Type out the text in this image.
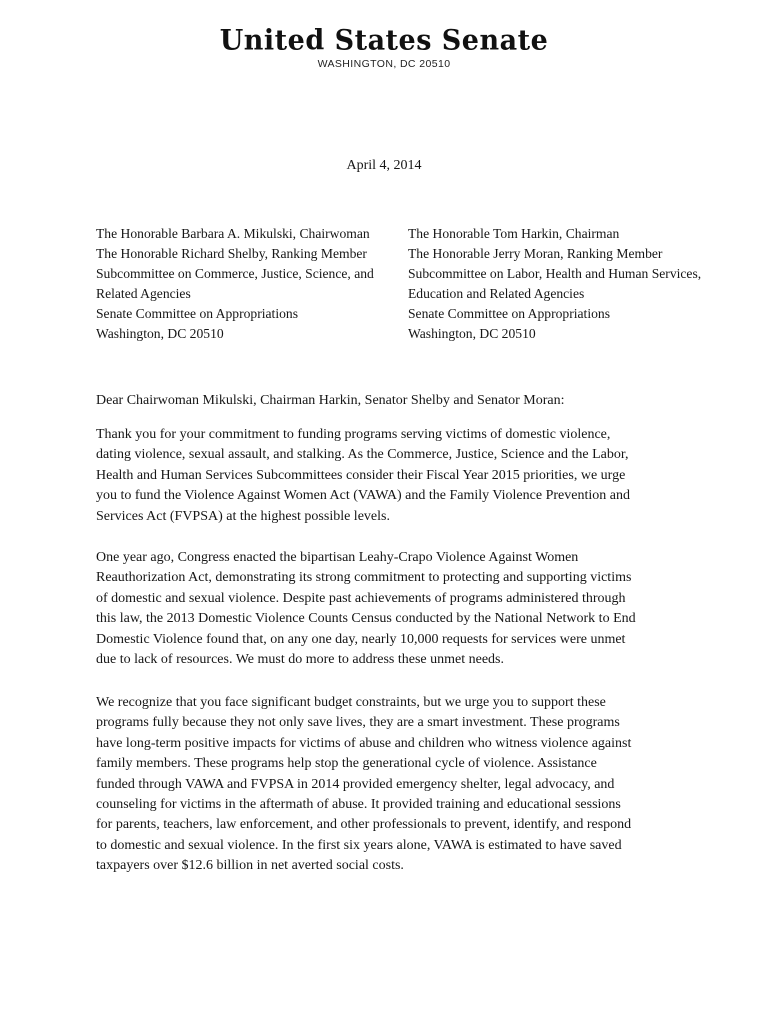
United States Senate
WASHINGTON, DC 20510
April 4, 2014
The Honorable Barbara A. Mikulski, Chairwoman
The Honorable Richard Shelby, Ranking Member
Subcommittee on Commerce, Justice, Science, and
Related Agencies
Senate Committee on Appropriations
Washington, DC 20510
The Honorable Tom Harkin, Chairman
The Honorable Jerry Moran, Ranking Member
Subcommittee on Labor, Health and Human Services,
Education and Related Agencies
Senate Committee on Appropriations
Washington, DC 20510
Dear Chairwoman Mikulski, Chairman Harkin, Senator Shelby and Senator Moran:
Thank you for your commitment to funding programs serving victims of domestic violence,
dating violence, sexual assault, and stalking. As the Commerce, Justice, Science and the Labor,
Health and Human Services Subcommittees consider their Fiscal Year 2015 priorities, we urge
you to fund the Violence Against Women Act (VAWA) and the Family Violence Prevention and
Services Act (FVPSA) at the highest possible levels.
One year ago, Congress enacted the bipartisan Leahy-Crapo Violence Against Women
Reauthorization Act, demonstrating its strong commitment to protecting and supporting victims
of domestic and sexual violence. Despite past achievements of programs administered through
this law, the 2013 Domestic Violence Counts Census conducted by the National Network to End
Domestic Violence found that, on any one day, nearly 10,000 requests for services were unmet
due to lack of resources. We must do more to address these unmet needs.
We recognize that you face significant budget constraints, but we urge you to support these
programs fully because they not only save lives, they are a smart investment. These programs
have long-term positive impacts for victims of abuse and children who witness violence against
family members. These programs help stop the generational cycle of violence. Assistance
funded through VAWA and FVPSA in 2014 provided emergency shelter, legal advocacy, and
counseling for victims in the aftermath of abuse. It provided training and educational sessions
for parents, teachers, law enforcement, and other professionals to prevent, identify, and respond
to domestic and sexual violence. In the first six years alone, VAWA is estimated to have saved
taxpayers over $12.6 billion in net averted social costs.
